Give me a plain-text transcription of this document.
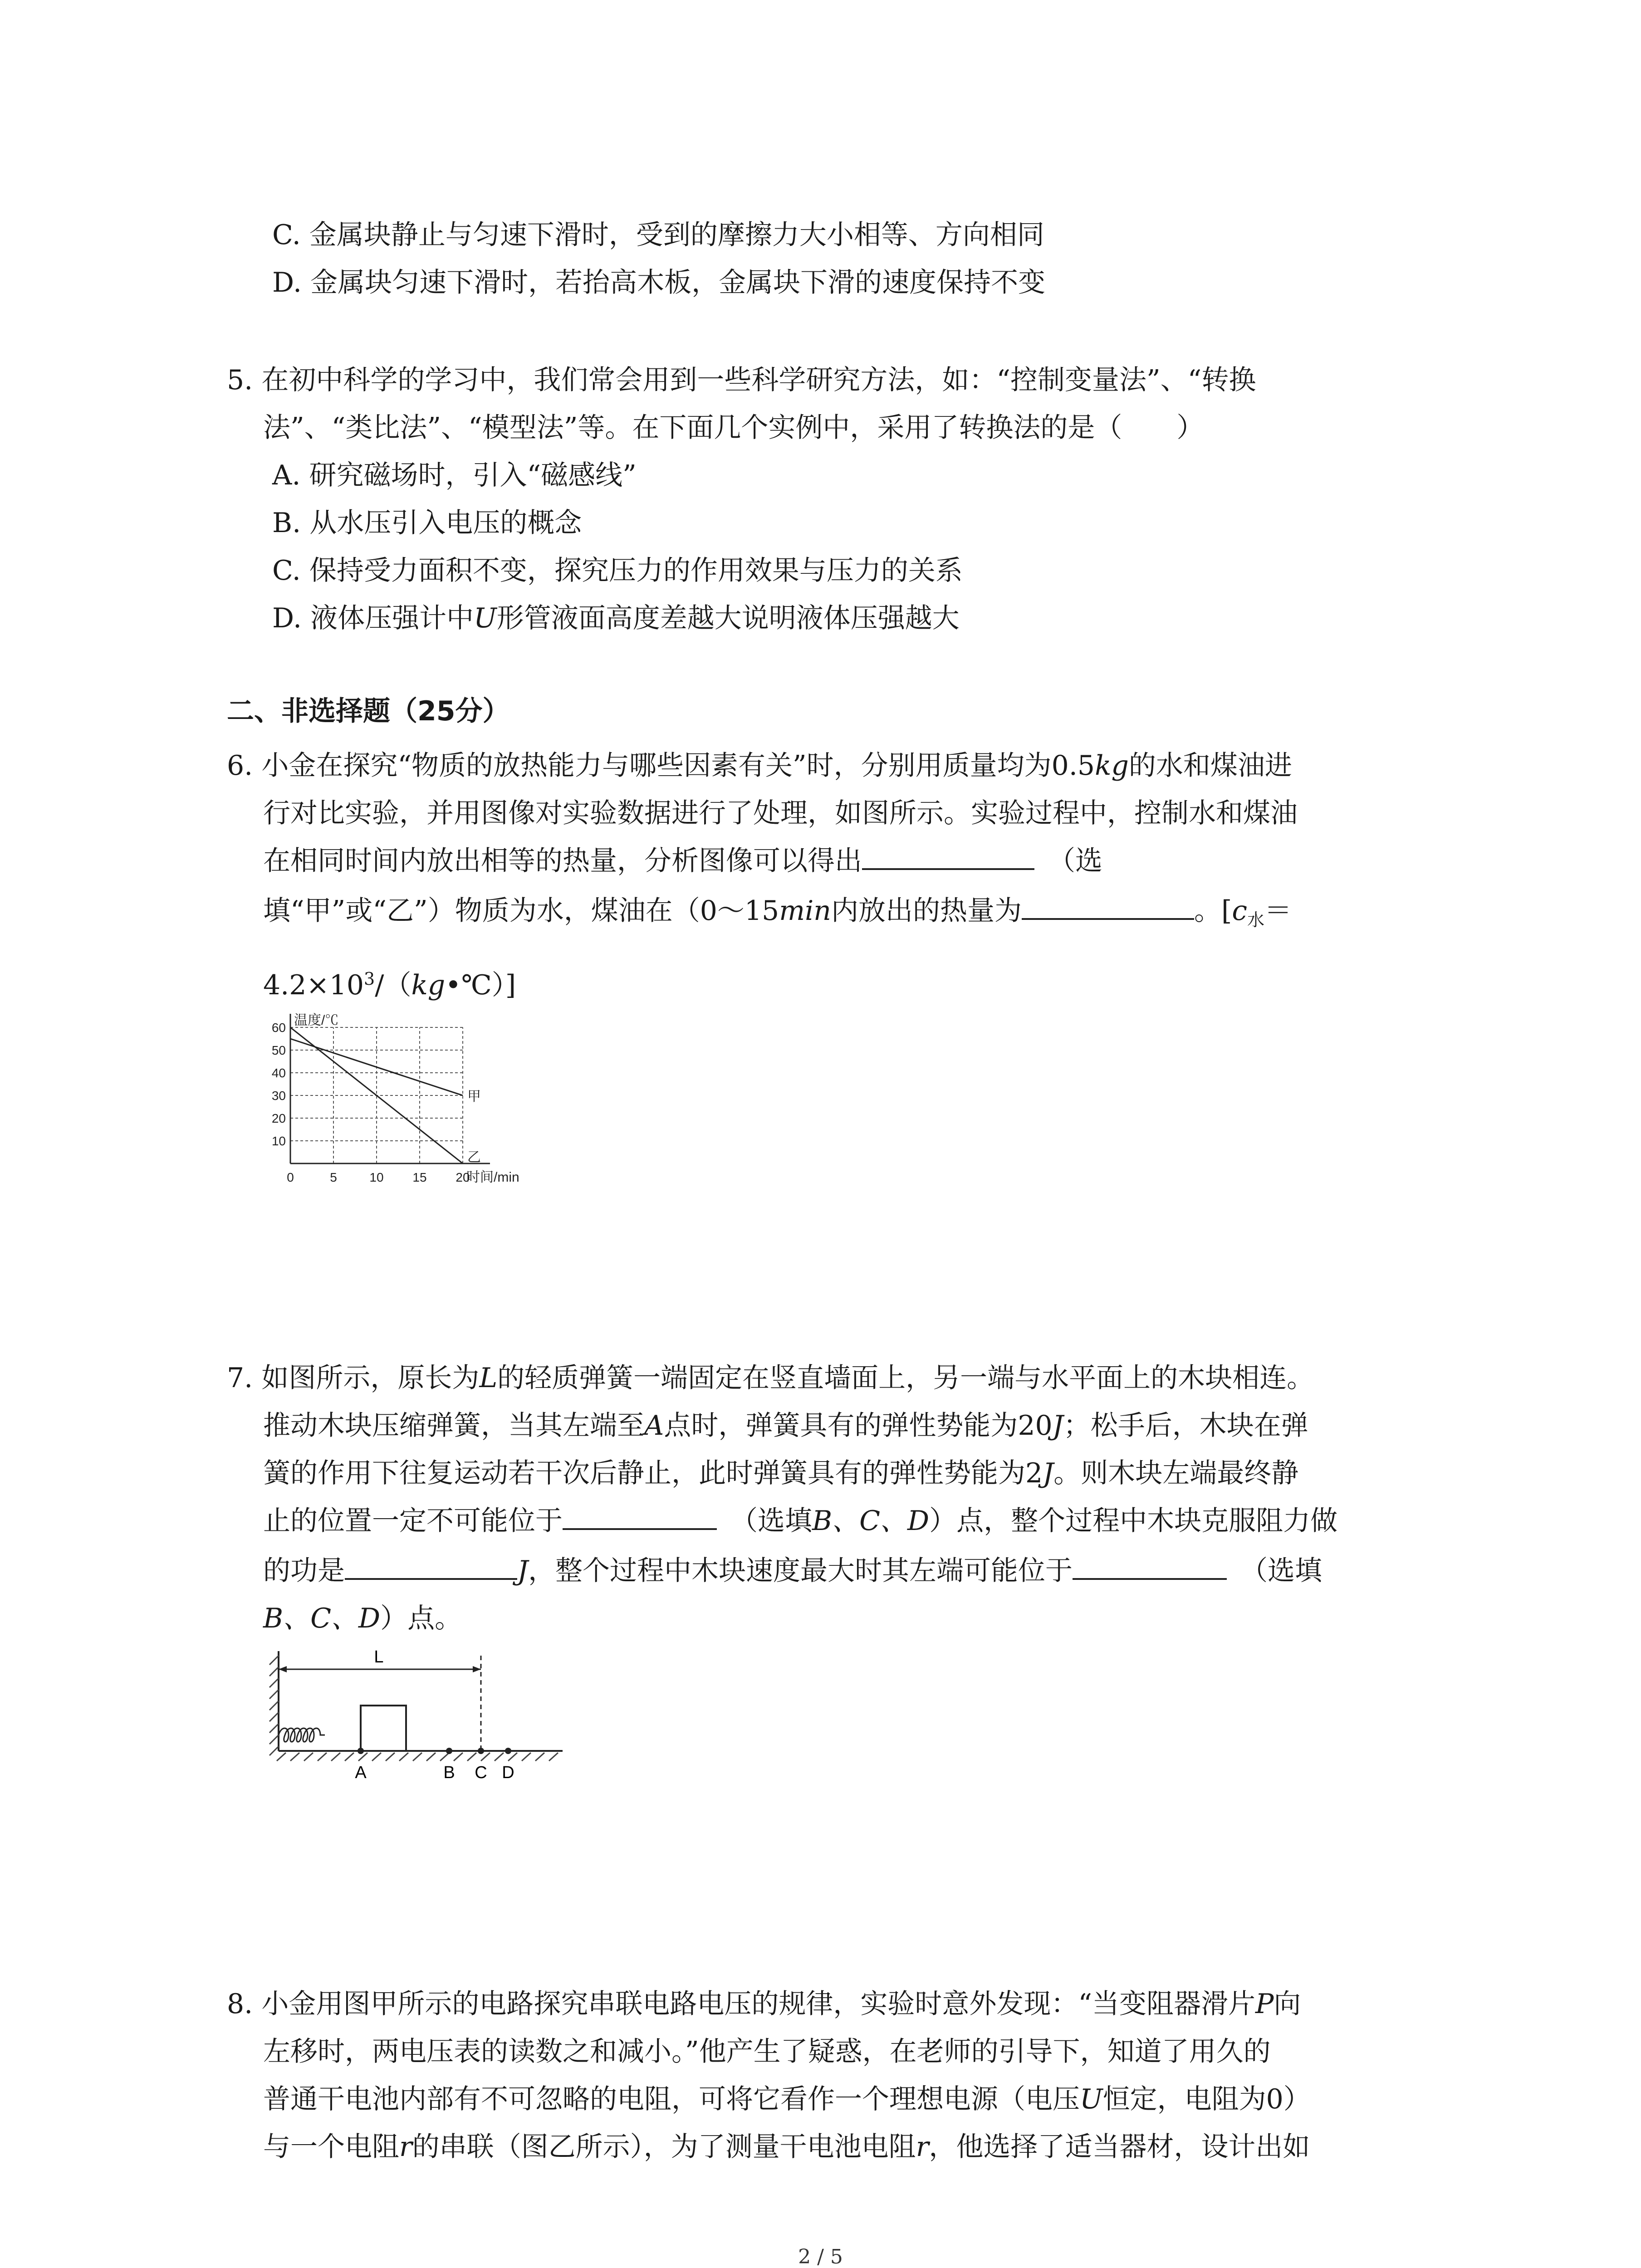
C. 金属块静止与匀速下滑时，受到的摩擦力大小相等、方向相同
D. 金属块匀速下滑时，若抬高木板，金属块下滑的速度保持不变
5. 在初中科学的学习中，我们常会用到一些科学研究方法，如：“控制变量法”、“转换
法”、“类比法”、“模型法”等。在下面几个实例中，采用了转换法的是（　　）
A. 研究磁场时，引入“磁感线”
B. 从水压引入电压的概念
C. 保持受力面积不变，探究压力的作用效果与压力的关系
D. 液体压强计中U形管液面高度差越大说明液体压强越大
二、非选择题（25分）
6. 小金在探究“物质的放热能力与哪些因素有关”时，分别用质量均为0.5kg的水和煤油进
行对比实验，并用图像对实验数据进行了处理，如图所示。实验过程中，控制水和煤油
在相同时间内放出相等的热量，分析图像可以得出　	（选
填“甲”或“乙”）物质为水，煤油在（0～15min内放出的热量为	。[$c_水=$
$4.2\times 10^3/(kg•℃)$]
0	5	10 15 20
10
20
30
40
50
60 温度/℃
时间/min
甲
乙
7. 如图所示，原长为L的轻质弹簧一端固定在竖直墙面上，另一端与水平面上的木块相连。
推动木块压缩弹簧，当其左端至A点时，弹簧具有的弹性势能为20J；松手后，木块在弹
簧的作用下往复运动若干次后静止，此时弹簧具有的弹性势能为2J。则木块左端最终静
止的位置一定不可能位于　	（选填B、C、D）点，整个过程中木块克服阻力做
的功是	J，整个过程中木块速度最大时其左端可能位于　	（选填
B、C、D）点。
L
A	B C D
8. 小金用图甲所示的电路探究串联电路电压的规律，实验时意外发现：“当变阻器滑片P向
左移时，两电压表的读数之和减小。”他产生了疑惑，在老师的引导下，知道了用久的
普通干电池内部有不可忽略的电阻，可将它看作一个理想电源（电压U恒定，电阻为0）
与一个电阻r的串联（图乙所示），为了测量干电池电阻r，他选择了适当器材，设计出如
2 / 5
